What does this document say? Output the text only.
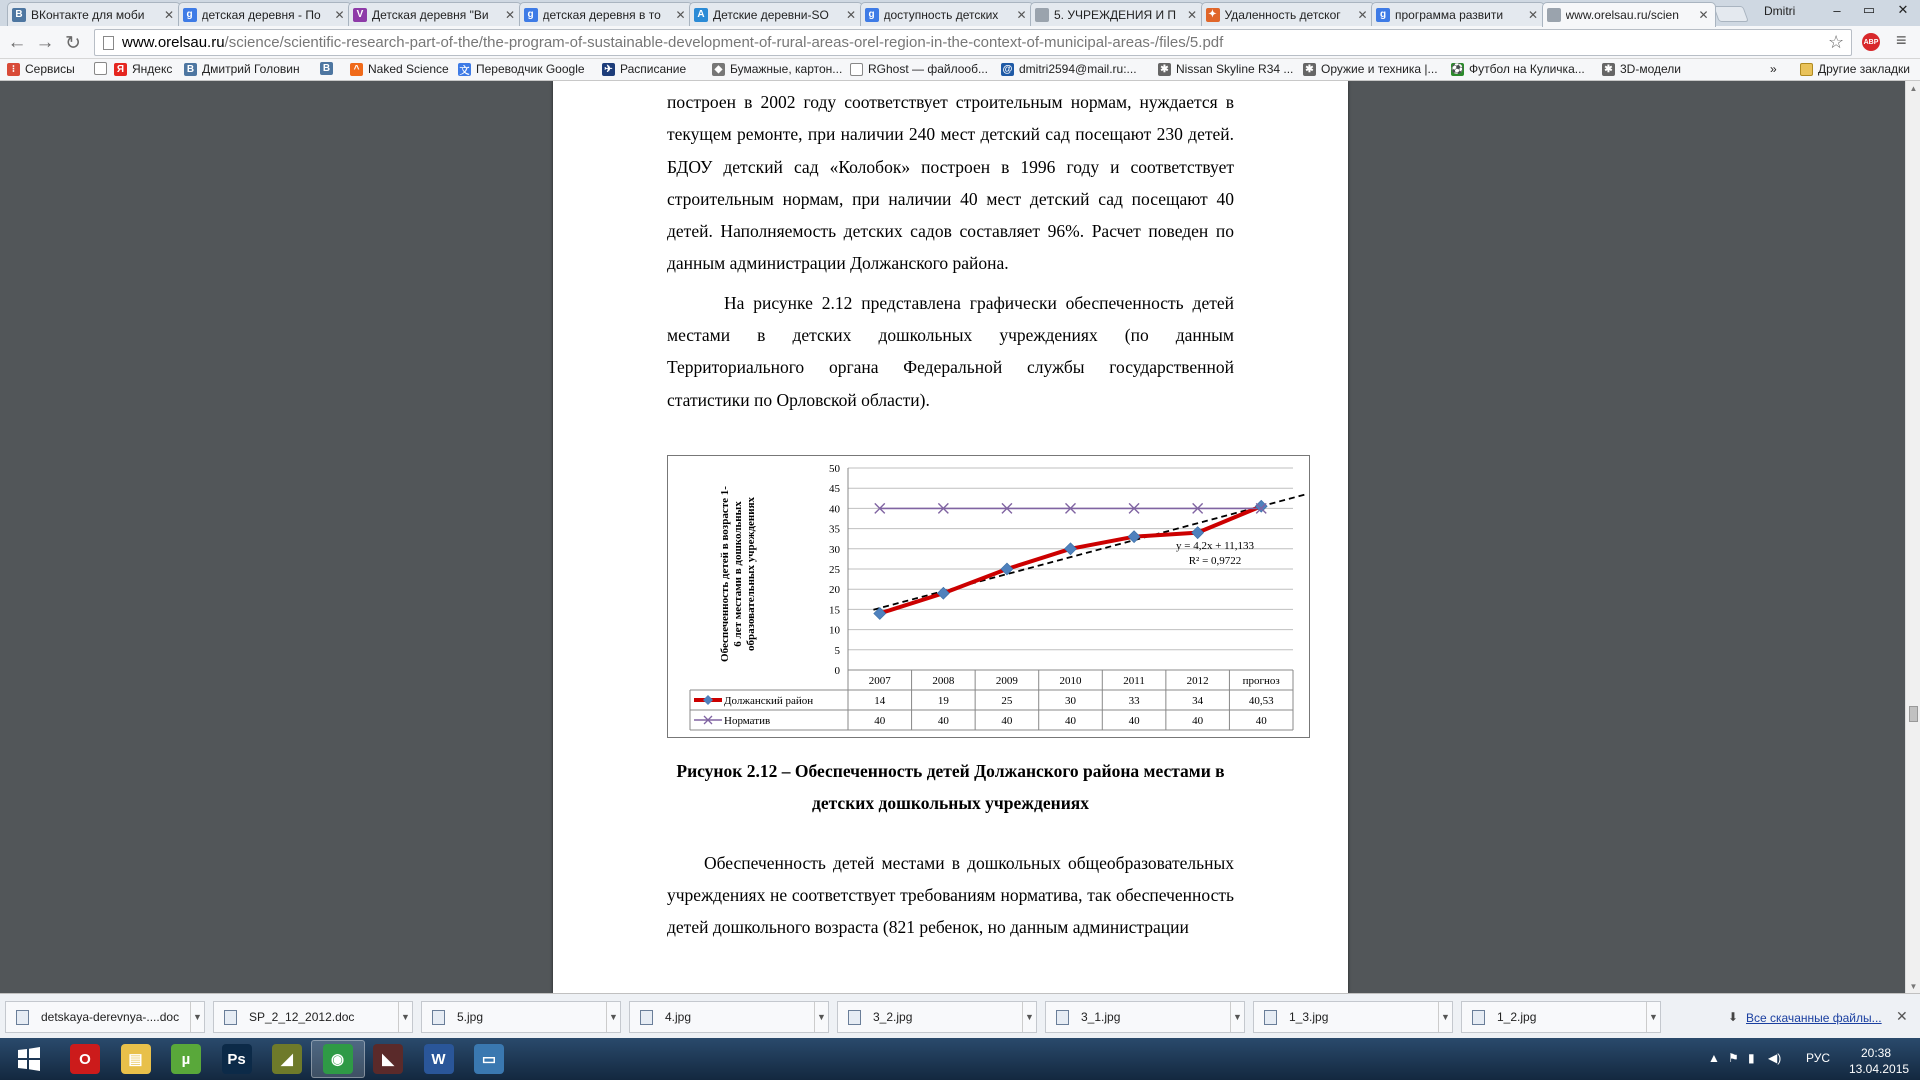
В ВКонтакте для моби	✕	g детская деревня - По	✕	V Детская деревня "Ви	✕	g детская деревня в то	✕	A Детские деревни-SO	✕	g доступность детских	✕ 5. УЧРЕЖДЕНИЯ И П ✕ ✦ Удаленность детског	✕	g программа развити	✕ www.orelsau.ru/scien	✕	Dmitri	–	▭	✕
← → ↻	www.orelsau.ru /science/scientific-research-part-of-the/the-program-of-sustainable-development-of-rural-areas-orel-region-in-the-context-of-municipal-areas-/files/5.pdf	☆	ABP ≡
»	Другие закладки
⁝ Сервисы	Я Яндекс В Дмитрий Головин В	^ Naked Science 文 Переводчик Google ✈ Расписание	◆ Бумажные, картон... RGhost — файлооб... @ dmitri2594@mail.ru:... ✱ Nissan Skyline R34 ... ✱ Оружие и техника |... ⚽ Футбол на Куличка... ✱ 3D-модели
построен в 2002 году соответствует строительным нормам, нуждается в текущем ремонте, при наличии 240 мест детский сад посещают 230 детей. БДОУ детский сад «Колобок» построен в 1996 году и соответствует строительным нормам, при наличии 40 мест детский сад посещают 40 детей. Наполняемость детских садов составляет 96%. Расчет поведен по данным администрации Должанского района.
На рисунке 2.12 представлена графически обеспеченность детей местами в детских дошкольных учреждениях (по данным Территориального органа Федеральной службы государственной статистики по Орловской области).
0
5
10
15
20
25
30
35
40
45
50
Обеспеченность детей в возрасте 1- 6 лет местами в дошкольных образовательных учреждениях
2007	2008	2009	2010	2011	2012	прогноз
Должанский район	14	19	25	30	33	34	40,53
Норматив	40	40	40	40	40	40	40
y = 4,2x + 11,133
R² = 0,9722
Рисунок 2.12 – Обеспеченность детей Должанского района местами в детских дошкольных учреждениях
Обеспеченность детей местами в дошкольных общеобразовательных учреждениях не соответствует требованиям норматива, так обеспеченность детей дошкольного возраста (821 ребенок, но данным администрации
▲
▼
⬇ Все скачанные файлы... ✕
detskaya-derevnya-....doc	▼	SP_2_12_2012.doc	▼	5.jpg	▼	4.jpg	▼	3_2.jpg	▼	3_1.jpg	▼	1_3.jpg	▼	1_2.jpg	▼
▲ ⚑ ▮ ◀) РУС	20:38
13.04.2015
O	▤	µ	Ps	◢	◉	◣	W	▭
